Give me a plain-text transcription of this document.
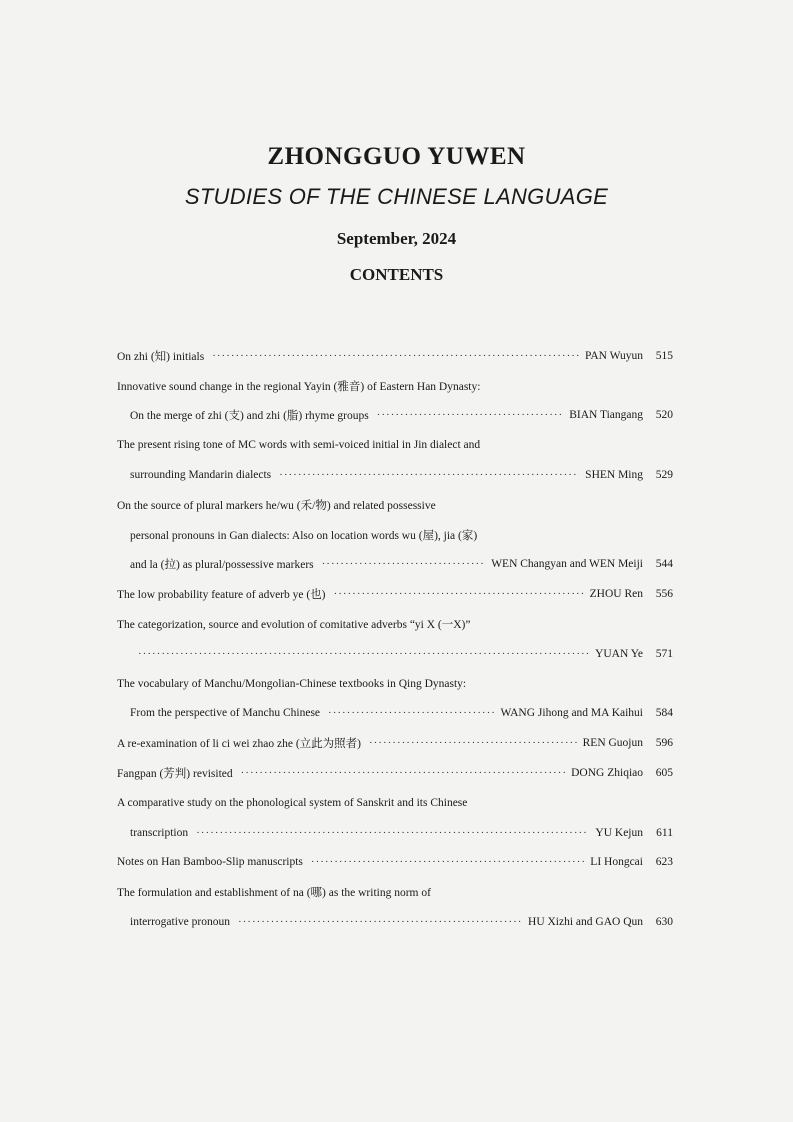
ZHONGGUO YUWEN
STUDIES OF THE CHINESE LANGUAGE
September, 2024
CONTENTS
On zhi (知) initials ·····	PAN Wuyun	515
Innovative sound change in the regional Yayin (雅音) of Eastern Han Dynasty:
On the merge of zhi (支) and zhi (脂) rhyme groups ·····	BIAN Tiangang	520
The present rising tone of MC words with semi-voiced initial in Jin dialect and
surrounding Mandarin dialects ·····	SHEN Ming	529
On the source of plural markers he/wu (禾/物) and related possessive
personal pronouns in Gan dialects: Also on location words wu (屋), jia (家)
and la (拉) as plural/possessive markers ·····	WEN Changyan and WEN Meiji	544
The low probability feature of adverb ye (也) ·····	ZHOU Ren	556
The categorization, source and evolution of comitative adverbs “yi X (一X)”
·····
YUAN Ye	571
The vocabulary of Manchu/Mongolian-Chinese textbooks in Qing Dynasty:
From the perspective of Manchu Chinese ·····	WANG Jihong and MA Kaihui	584
A re-examination of li ci wei zhao zhe (立此为照者) ·····	REN Guojun	596
Fangpan (芳判) revisited ·····	DONG Zhiqiao	605
A comparative study on the phonological system of Sanskrit and its Chinese
transcription ·····	YU Kejun	611
Notes on Han Bamboo-Slip manuscripts ·····	LI Hongcai	623
The formulation and establishment of na (哪) as the writing norm of
interrogative pronoun ·····	HU Xizhi and GAO Qun	630
